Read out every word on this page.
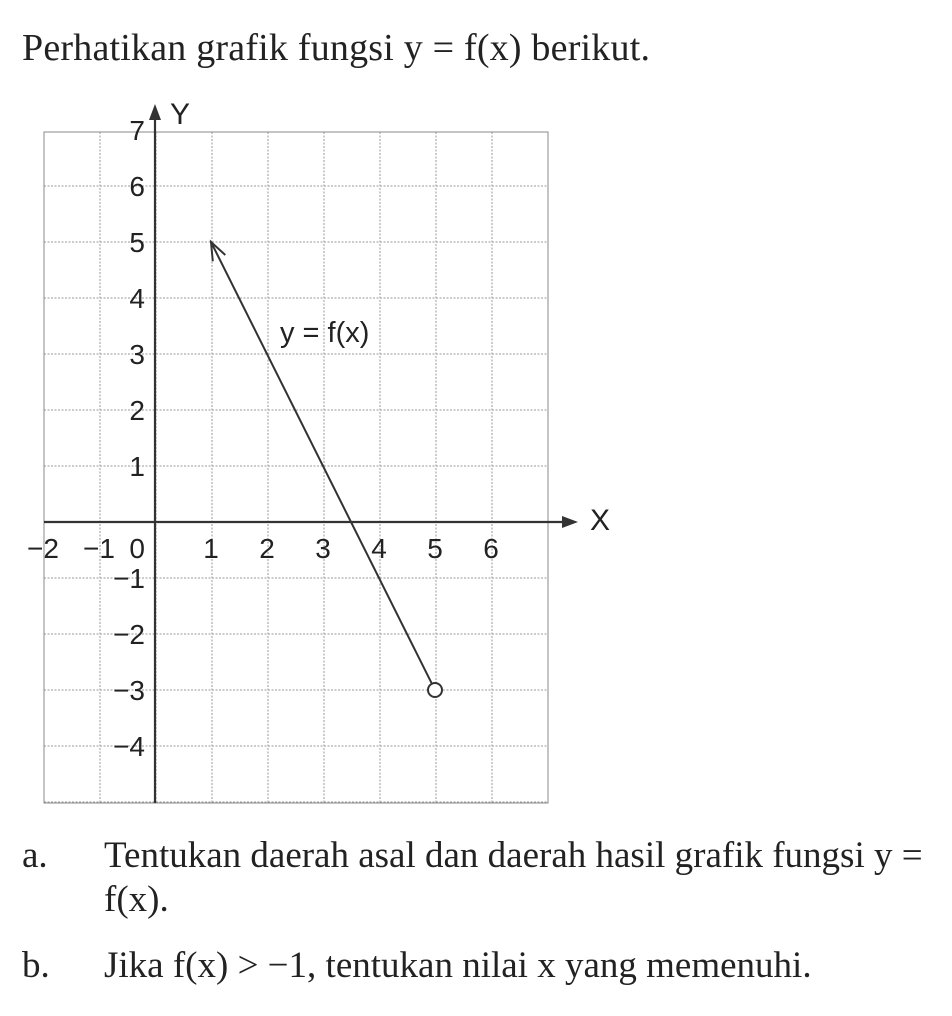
Perhatikan grafik fungsi y = f(x) berikut.
X
Y
−2 −1 0 1 2 3 4 5 6
7
6
5
4
3
2
1
−1
−2
−3
−4
y = f(x)
a. Tentukan daerah asal dan daerah hasil grafik fungsi y = f(x).
b. Jika f(x) > −1, tentukan nilai x yang memenuhi.
